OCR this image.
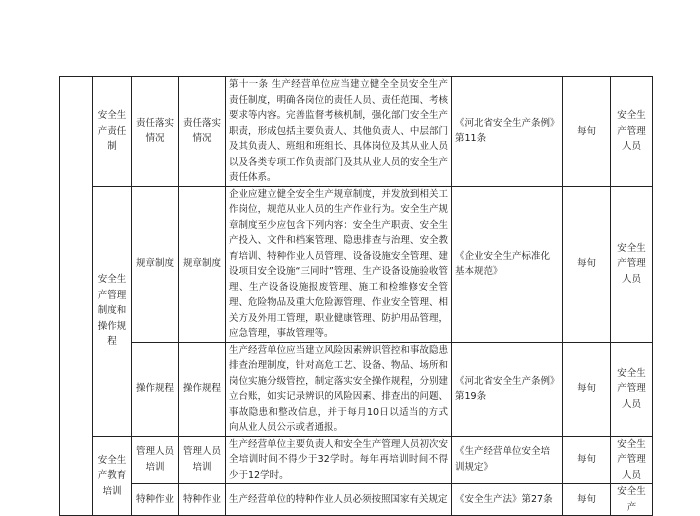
	安全生产责任制	责任落实情况	责任落实情况	第十一条 生产经营单位应当建立健全全员安全生产责任制度，明确各岗位的责任人员、责任范围、考核要求等内容。完善监督考核机制，强化部门安全生产职责，形成包括主要负责人、其他负责人、中层部门及其负责人、班组和班组长、具体岗位及其从业人员以及各类专项工作负责部门及其从业人员的安全生产责任体系。	《河北省安全生产条例》第11条	每旬	安全生产管理人员
	安全生产管理制度和操作规程	规章制度	规章制度	企业应建立健全安全生产规章制度，并发放到相关工作岗位，规范从业人员的生产作业行为。安全生产规章制度至少应包含下列内容：安全生产职责、安全生产投入、文件和档案管理、隐患排查与治理、安全教育培训、特种作业人员管理、设备设施安全管理、建设项目安全设施“三同时”管理、生产设备设施验收管理、生产设备设施报废管理、施工和检维修安全管理、危险物品及重大危险源管理、作业安全管理、相关方及外用工管理，职业健康管理、防护用品管理，应急管理，事故管理等。	《企业安全生产标准化基本规范》	每旬	安全生产管理人员
		操作规程	操作规程	生产经营单位应当建立风险因素辨识管控和事故隐患排查治理制度，针对高危工艺、设备、物品、场所和岗位实施分级管控，制定落实安全操作规程，分别建立台账，如实记录辨识的风险因素、排查出的问题、事故隐患和整改信息，并于每月10日以适当的方式向从业人员公示或者通报。	《河北省安全生产条例》第19条	每旬	安全生产管理人员
	安全生产教育培训	管理人员培训	管理人员培训	生产经营单位主要负责人和安全生产管理人员初次安全培训时间不得少于32学时。每年再培训时间不得少于12学时。	《生产经营单位安全培训规定》	每旬	安全生产管理人员
		特种作业	特种作业	生产经营单位的特种作业人员必须按照国家有关规定	《安全生产法》第27条	每旬	安全生产
